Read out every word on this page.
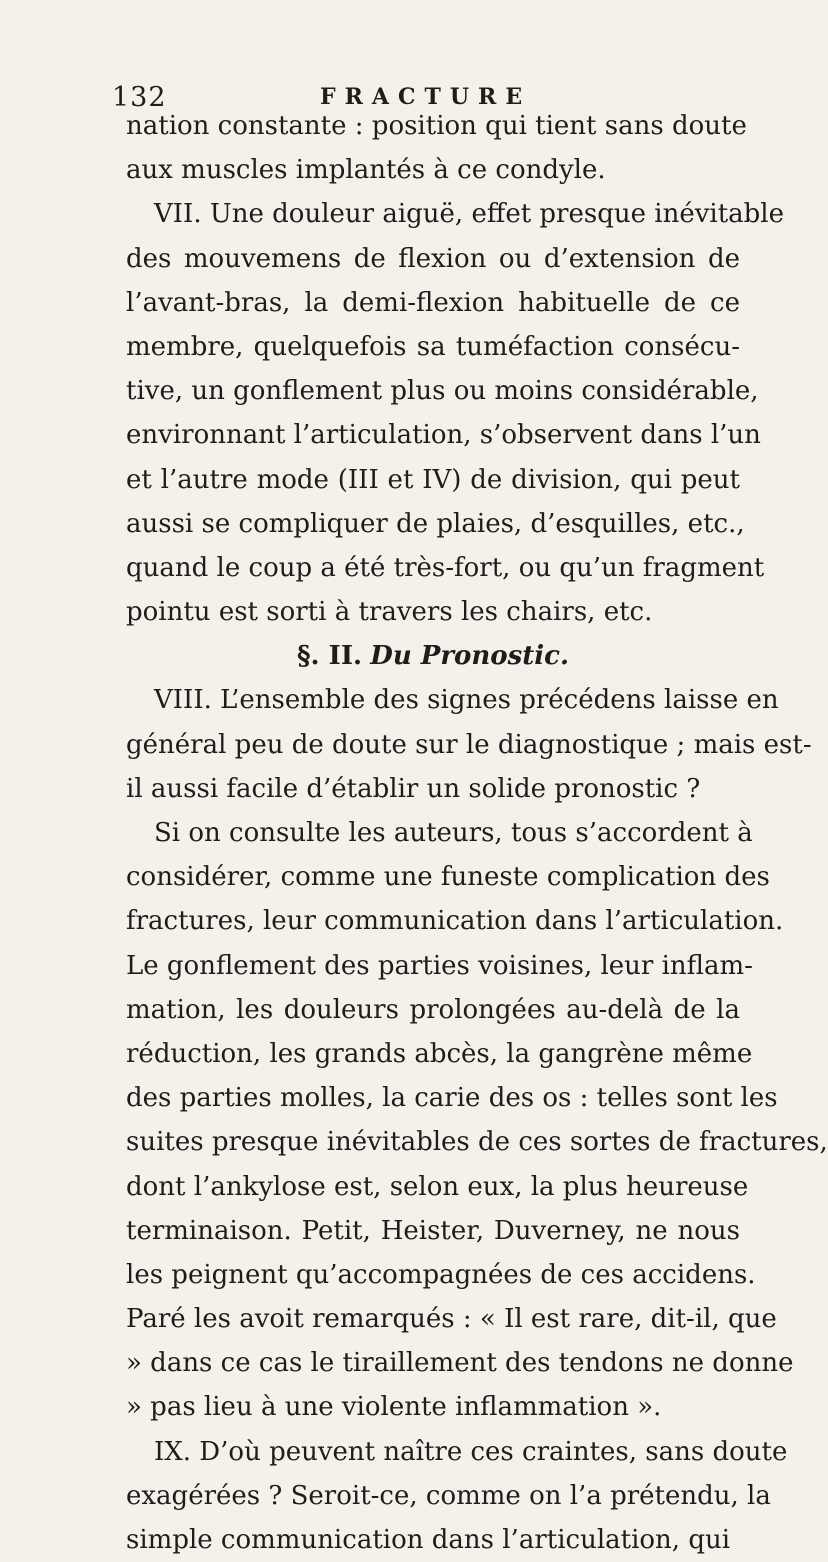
132	FRACTURE
nation constante : position qui tient sans doute
aux muscles implantés à ce condyle.
VII. Une douleur aiguë, effet presque inévitable
des mouvemens de flexion ou d’extension de
l’avant-bras, la demi-flexion habituelle de ce
membre, quelquefois sa tuméfaction consécu-
tive, un gonflement plus ou moins considérable,
environnant l’articulation, s’observent dans l’un
et l’autre mode (III et IV) de division, qui peut
aussi se compliquer de plaies, d’esquilles, etc.,
quand le coup a été très-fort, ou qu’un fragment
pointu est sorti à travers les chairs, etc.
§. II. Du Pronostic.
VIII. L’ensemble des signes précédens laisse en
général peu de doute sur le diagnostique ; mais est-
il aussi facile d’établir un solide pronostic ?
Si on consulte les auteurs, tous s’accordent à
considérer, comme une funeste complication des
fractures, leur communication dans l’articulation.
Le gonflement des parties voisines, leur inflam-
mation, les douleurs prolongées au-delà de la
réduction, les grands abcès, la gangrène même
des parties molles, la carie des os : telles sont les
suites presque inévitables de ces sortes de fractures,
dont l’ankylose est, selon eux, la plus heureuse
terminaison. Petit, Heister, Duverney, ne nous
les peignent qu’accompagnées de ces accidens.
Paré les avoit remarqués : « Il est rare, dit-il, que
» dans ce cas le tiraillement des tendons ne donne
» pas lieu à une violente inflammation ».
IX. D’où peuvent naître ces craintes, sans doute
exagérées ? Seroit-ce, comme on l’a prétendu, la
simple communication dans l’articulation, qui
